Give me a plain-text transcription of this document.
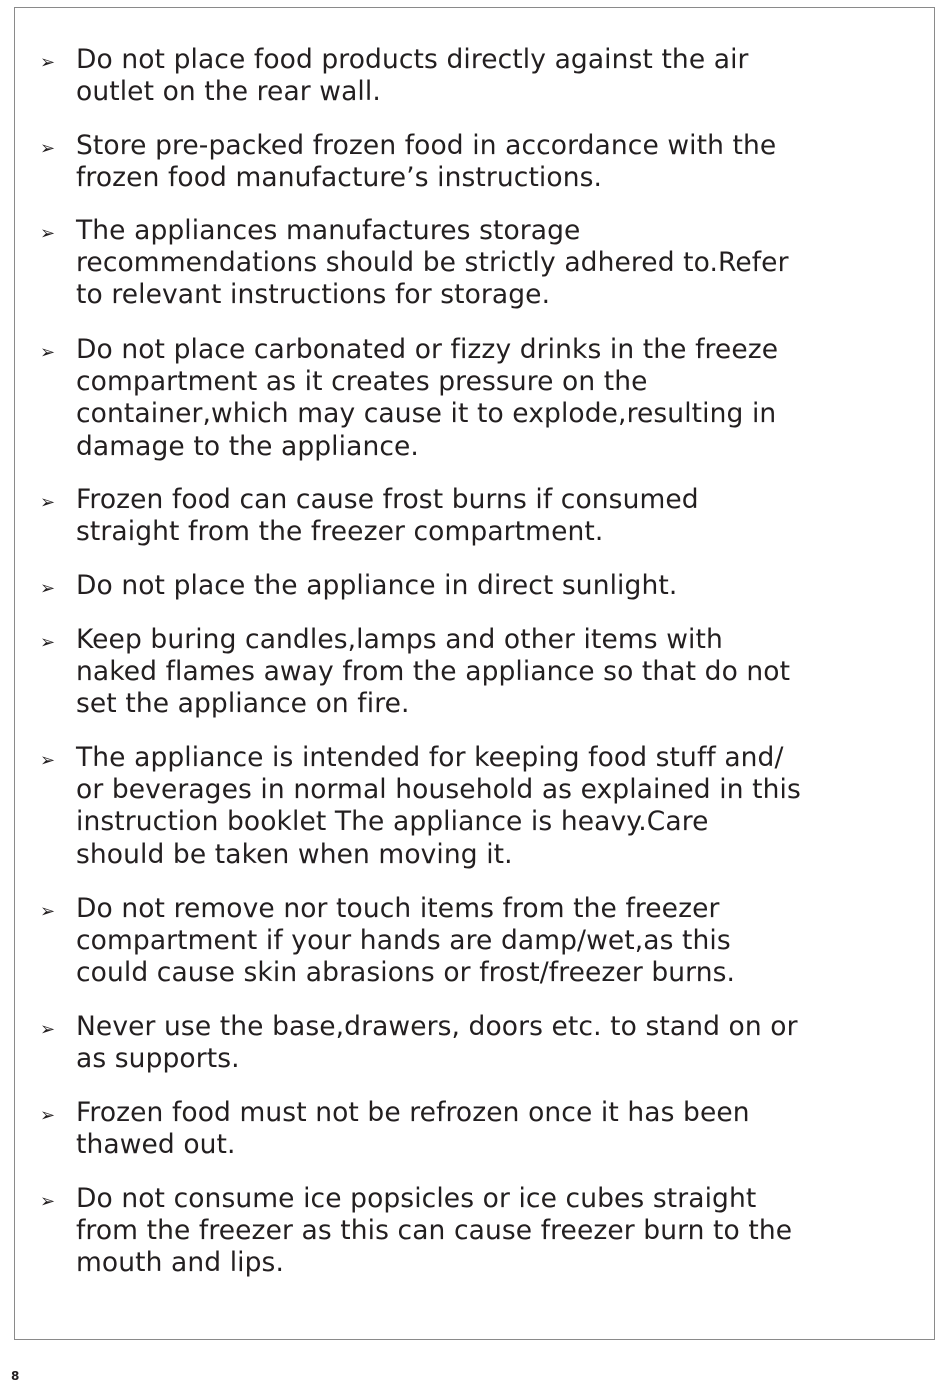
➢ Do not place food products directly against the air
outlet on the rear wall.

➢ Store pre-packed frozen food in accordance with the
frozen food manufacture’s instructions.

➢ The appliances manufactures storage
recommendations should be strictly adhered to.Refer
to relevant instructions for storage.

➢ Do not place carbonated or fizzy drinks in the freeze
compartment as it creates pressure on the
container,which may cause it to explode,resulting in
damage to the appliance.

➢ Frozen food can cause frost burns if consumed
straight from the freezer compartment.

➢ Do not place the appliance in direct sunlight.

➢ Keep buring candles,lamps and other items with
naked flames away from the appliance so that do not
set the appliance on fire.

➢ The appliance is intended for keeping food stuff and/
or beverages in normal household as explained in this
instruction booklet The appliance is heavy.Care
should be taken when moving it.

➢ Do not remove nor touch items from the freezer
compartment if your hands are damp/wet,as this
could cause skin abrasions or frost/freezer burns.

➢ Never use the base,drawers, doors etc. to stand on or
as supports.

➢ Frozen food must not be refrozen once it has been
thawed out.

➢ Do not consume ice popsicles or ice cubes straight
from the freezer as this can cause freezer burn to the
mouth and lips.

8
